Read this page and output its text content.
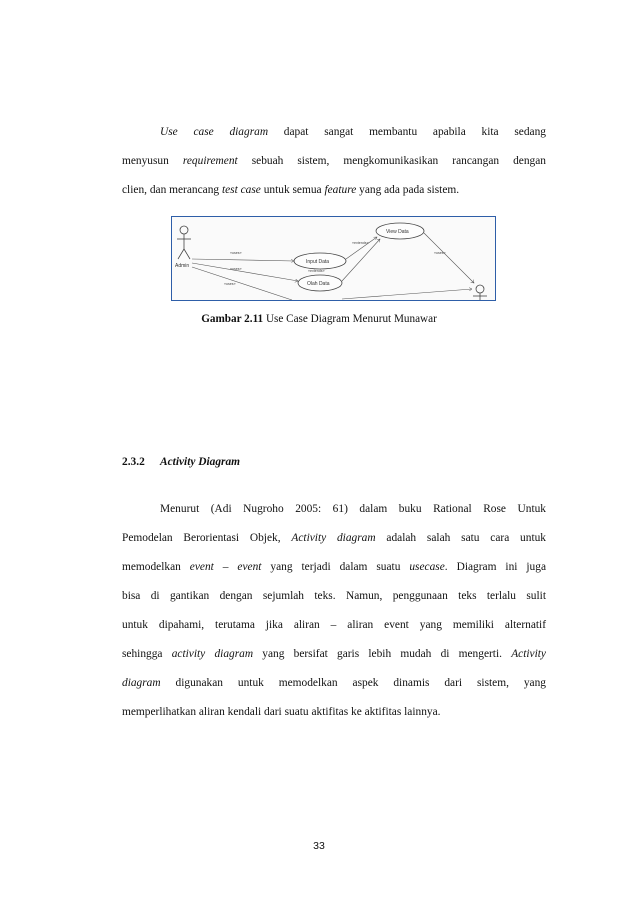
Use case diagram dapat sangat membantu apabila kita sedang
menyusun requirement sebuah sistem, mengkomunikasikan rancangan dengan
clien, dan merancang test case untuk semua feature yang ada pada sistem.
Admin
View Data
Input Data
Olah Data
«uses»
«uses»
«uses»
«extends»
«extends»
«uses»
Gambar 2.11 Use Case Diagram Menurut Munawar
2.3.2 Activity Diagram
Menurut (Adi Nugroho 2005: 61) dalam buku Rational Rose Untuk
Pemodelan Berorientasi Objek, Activity diagram adalah salah satu cara untuk
memodelkan event – event yang terjadi dalam suatu usecase. Diagram ini juga
bisa di gantikan dengan sejumlah teks. Namun, penggunaan teks terlalu sulit
untuk dipahami, terutama jika aliran – aliran event yang memiliki alternatif
sehingga activity diagram yang bersifat garis lebih mudah di mengerti. Activity
diagram digunakan untuk memodelkan aspek dinamis dari sistem, yang
memperlihatkan aliran kendali dari suatu aktifitas ke aktifitas lainnya.
33
